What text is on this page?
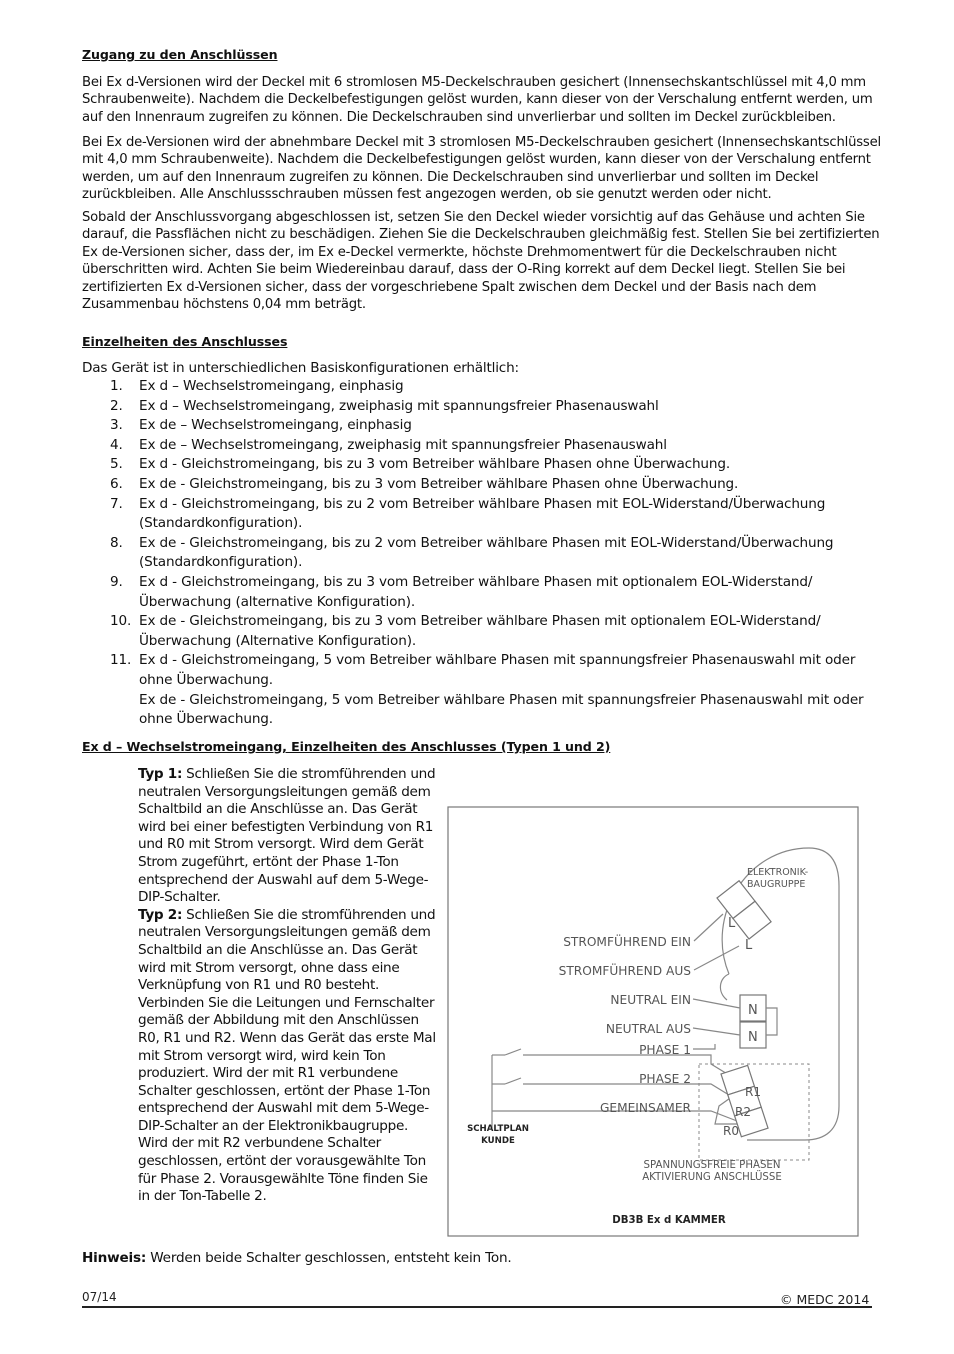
Zugang zu den Anschlüssen

Bei Ex d-Versionen wird der Deckel mit 6 stromlosen M5-Deckelschrauben gesichert (Innensechskantschlüssel mit 4,0 mm Schraubenweite). Nachdem die Deckelbefestigungen gelöst wurden, kann dieser von der Verschalung entfernt werden, um auf den Innenraum zugreifen zu können. Die Deckelschrauben sind unverlierbar und sollten im Deckel zurückbleiben.

Bei Ex de-Versionen wird der abnehmbare Deckel mit 3 stromlosen M5-Deckelschrauben gesichert (Innensechskantschlüssel mit 4,0 mm Schraubenweite). Nachdem die Deckelbefestigungen gelöst wurden, kann dieser von der Verschalung entfernt werden, um auf den Innenraum zugreifen zu können. Die Deckelschrauben sind unverlierbar und sollten im Deckel zurückbleiben. Alle Anschlussschrauben müssen fest angezogen werden, ob sie genutzt werden oder nicht.

Sobald der Anschlussvorgang abgeschlossen ist, setzen Sie den Deckel wieder vorsichtig auf das Gehäuse und achten Sie darauf, die Passflächen nicht zu beschädigen. Ziehen Sie die Deckelschrauben gleichmäßig fest. Stellen Sie bei zertifizierten Ex de-Versionen sicher, dass der, im Ex e-Deckel vermerkte, höchste Drehmomentwert für die Deckelschrauben nicht überschritten wird. Achten Sie beim Wiedereinbau darauf, dass der O-Ring korrekt auf dem Deckel liegt. Stellen Sie bei zertifizierten Ex d-Versionen sicher, dass der vorgeschriebene Spalt zwischen dem Deckel und der Basis nach dem Zusammenbau höchstens 0,04 mm beträgt.

Einzelheiten des Anschlusses
Das Gerät ist in unterschiedlichen Basiskonfigurationen erhältlich:
1. Ex d – Wechselstromeingang, einphasig
2. Ex d – Wechselstromeingang, zweiphasig mit spannungsfreier Phasenauswahl
3. Ex de – Wechselstromeingang, einphasig
4. Ex de – Wechselstromeingang, zweiphasig mit spannungsfreier Phasenauswahl
5. Ex d - Gleichstromeingang, bis zu 3 vom Betreiber wählbare Phasen ohne Überwachung.
6. Ex de - Gleichstromeingang, bis zu 3 vom Betreiber wählbare Phasen ohne Überwachung.
7. Ex d - Gleichstromeingang, bis zu 2 vom Betreiber wählbare Phasen mit EOL-Widerstand/Überwachung (Standardkonfiguration).
8. Ex de - Gleichstromeingang, bis zu 2 vom Betreiber wählbare Phasen mit EOL-Widerstand/Überwachung (Standardkonfiguration).
9. Ex d - Gleichstromeingang, bis zu 3 vom Betreiber wählbare Phasen mit optionalem EOL-Widerstand/Überwachung (alternative Konfiguration).
10. Ex de - Gleichstromeingang, bis zu 3 vom Betreiber wählbare Phasen mit optionalem EOL-Widerstand/Überwachung (Alternative Konfiguration).
11. Ex d - Gleichstromeingang, 5 vom Betreiber wählbare Phasen mit spannungsfreier Phasenauswahl mit oder ohne Überwachung.
Ex de - Gleichstromeingang, 5 vom Betreiber wählbare Phasen mit spannungsfreier Phasenauswahl mit oder ohne Überwachung.
Ex d – Wechselstromeingang, Einzelheiten des Anschlusses (Typen 1 und 2)

Typ 1: Schließen Sie die stromführenden und neutralen Versorgungsleitungen gemäß dem Schaltbild an die Anschlüsse an. Das Gerät wird bei einer befestigten Verbindung von R1 und R0 mit Strom versorgt. Wird dem Gerät Strom zugeführt, ertönt der Phase 1-Ton entsprechend der Auswahl auf dem 5-Wege-DIP-Schalter.
Typ 2: Schließen Sie die stromführenden und neutralen Versorgungsleitungen gemäß dem Schaltbild an die Anschlüsse an. Das Gerät wird mit Strom versorgt, ohne dass eine Verknüpfung von R1 und R0 besteht. Verbinden Sie die Leitungen und Fernschalter gemäß der Abbildung mit den Anschlüssen R0, R1 und R2. Wenn das Gerät das erste Mal mit Strom versorgt wird, wird kein Ton produziert. Wird der mit R1 verbundene Schalter geschlossen, ertönt der Phase 1-Ton entsprechend der Auswahl mit dem 5-Wege-DIP-Schalter an der Elektronikbaugruppe. Wird der mit R2 verbundene Schalter geschlossen, ertönt der vorausgewählte Ton für Phase 2. Vorausgewählte Töne finden Sie in der Ton-Tabelle 2.

ELEKTRONIK-
BAUGRUPPE
L
L
N
N
R1
R2
R0
STROMFÜHREND EIN
STROMFÜHREND AUS
NEUTRAL EIN
NEUTRAL AUS
PHASE 1
PHASE 2
GEMEINSAMER
SCHALTPLAN
KUNDE
SPANNUNGSFREIE PHASEN
AKTIVIERUNG ANSCHLÜSSE
DB3B Ex d KAMMER
Hinweis: Werden beide Schalter geschlossen, entsteht kein Ton.
07/14	© MEDC 2014
